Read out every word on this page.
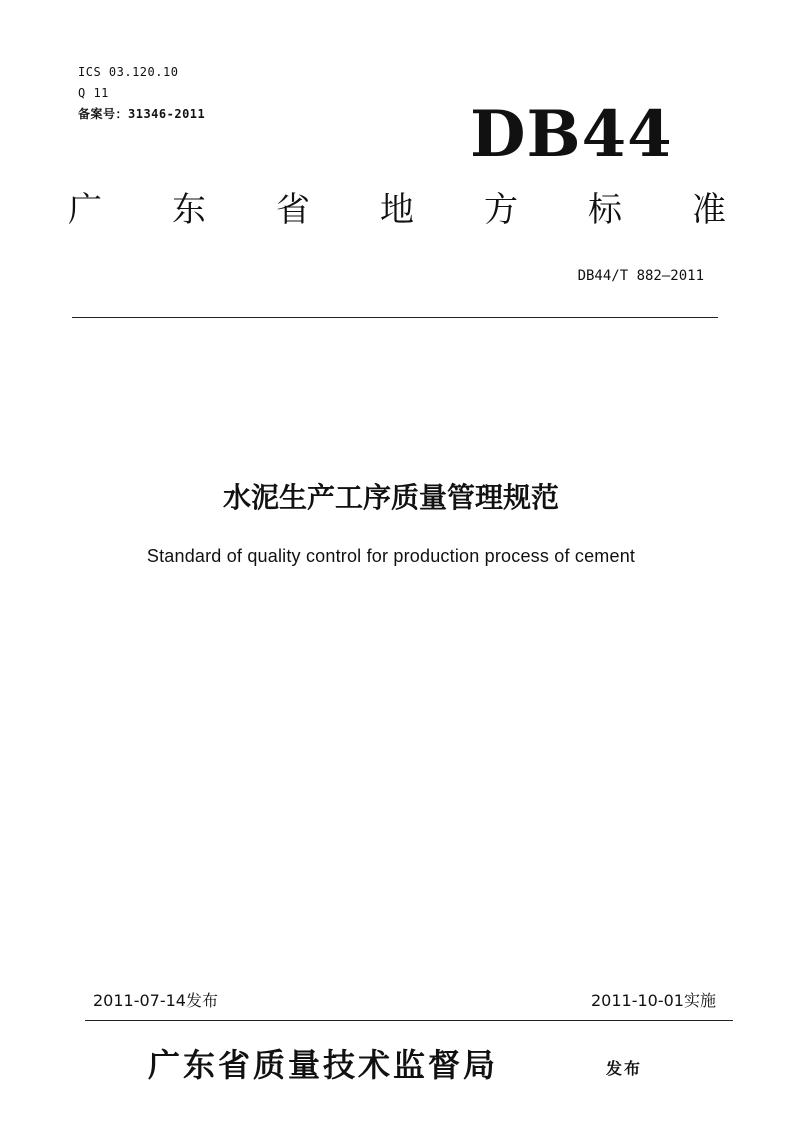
ICS 03.120.10
Q 11
备案号：31346-2011	DB44
广 东 省 地 方 标 准
DB44/T 882—2011
水泥生产工序质量管理规范
Standard of quality control for production process of cement
2011-07-14发布	2011-10-01实施
广东省质量技术监督局	发布
